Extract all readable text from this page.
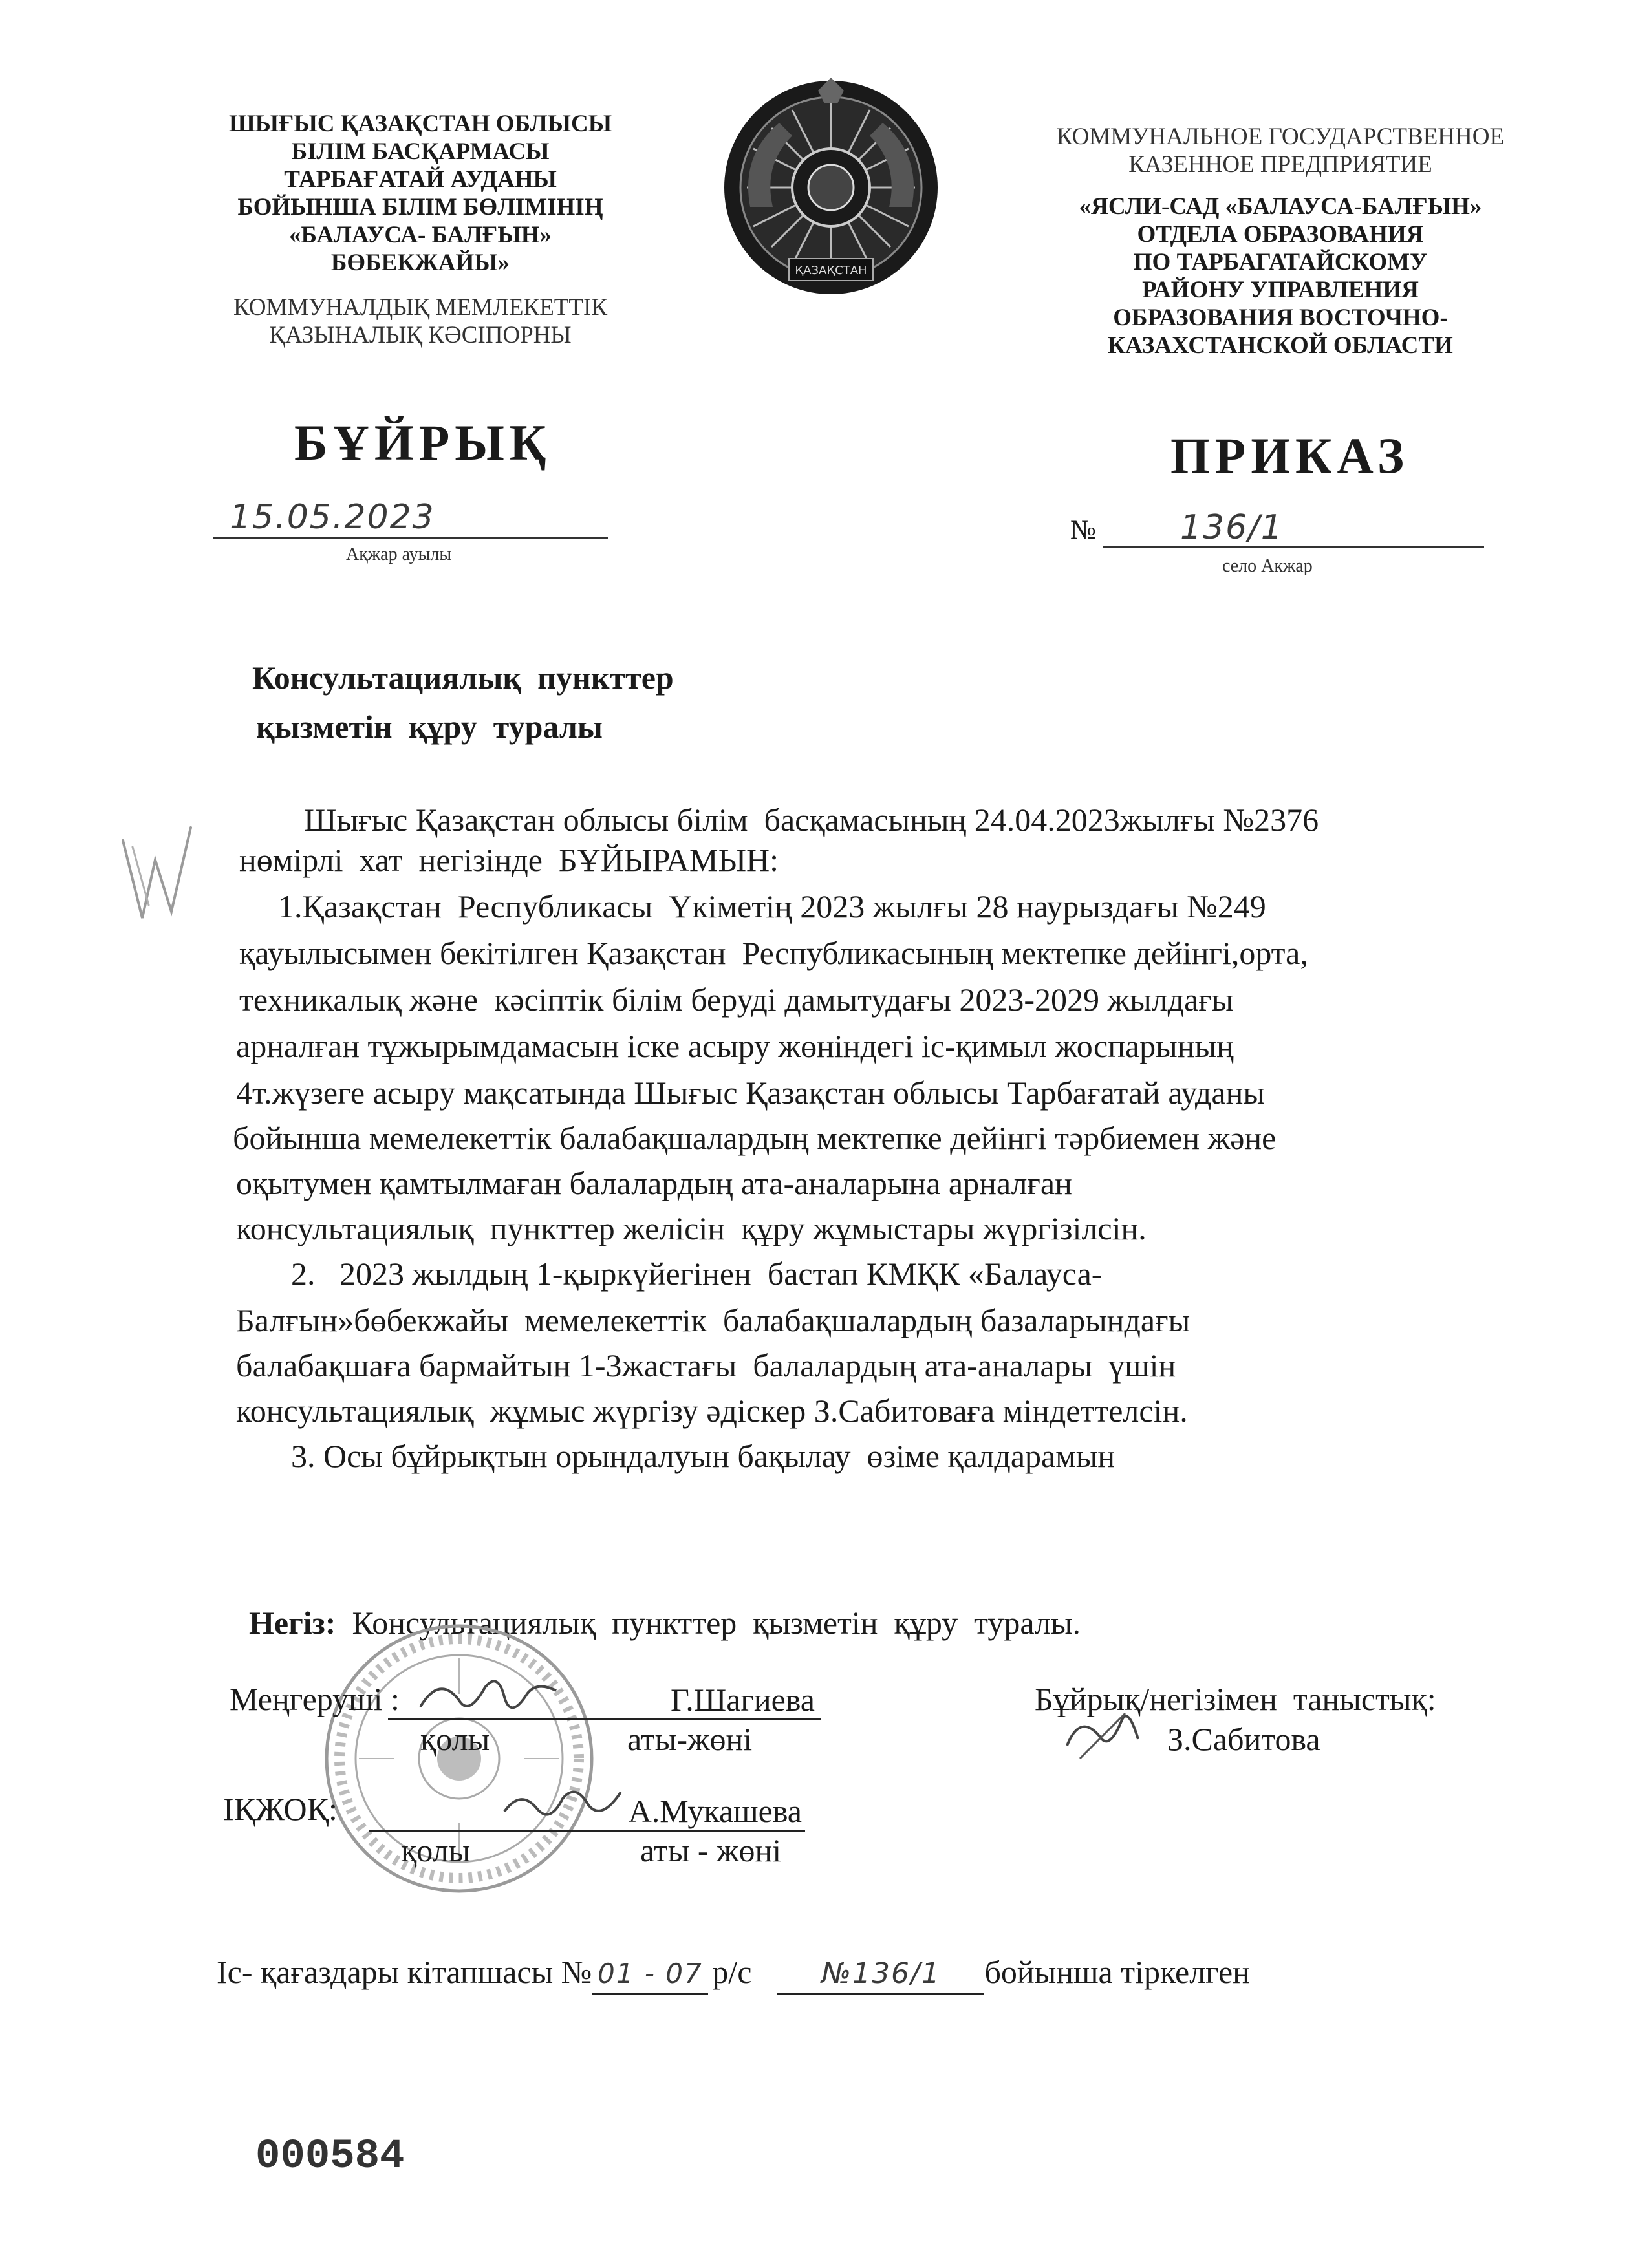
ШЫҒЫС ҚАЗАҚСТАН ОБЛЫСЫ
БІЛІМ БАСҚАРМАСЫ
ТАРБАҒАТАЙ АУДАНЫ
БОЙЫНША БІЛІМ БӨЛІМІНІҢ
«БАЛАУСА- БАЛҒЫН»
БӨБЕКЖАЙЫ»
КОММУНАЛДЫҚ МЕМЛЕКЕТТІК
ҚАЗЫНАЛЫҚ КӘСІПОРНЫ
ҚАЗАҚСТАН
КОММУНАЛЬНОЕ ГОСУДАРСТВЕННОЕ
КАЗЕННОЕ ПРЕДПРИЯТИЕ
«ЯСЛИ-САД «БАЛАУСА-БАЛҒЫН»
ОТДЕЛА ОБРАЗОВАНИЯ
ПО ТАРБАГАТАЙСКОМУ
РАЙОНУ УПРАВЛЕНИЯ
ОБРАЗОВАНИЯ ВОСТОЧНО-
КАЗАХСТАНСКОЙ ОБЛАСТИ
БҰЙРЫҚ	ПРИКАЗ
15.05.2023
Ақжар ауылы
№ 136/1
село Акжар
Консультациялық  пункттер
қызметін  құру  туралы
Шығыс Қазақстан облысы білім  басқамасының 24.04.2023жылғы №2376
нөмірлі  хат  негізінде  БҰЙЫРАМЫН:
1.Қазақстан  Республикасы  Үкіметің 2023 жылғы 28 наурыздағы №249
қауылысымен бекітілген Қазақстан  Республикасының мектепке дейінгі,орта,
техникалық және  кәсіптік білім беруді дамытудағы 2023-2029 жылдағы
арналған тұжырымдамасын іске асыру жөніндегі іс-қимыл жоспарының
4т.жүзеге асыру мақсатында Шығыс Қазақстан облысы Тарбағатай ауданы
бойынша мемелекеттік балабақшалардың мектепке дейінгі тәрбиемен және
оқытумен қамтылмаған балалардың ата-аналарына арналған
консультациялық  пункттер желісін  құру жұмыстары жүргізілсін.
2.   2023 жылдың 1-қыркүйегінен  бастап КМҚК «Балауса-
Балғын»бөбекжайы  мемелекеттік  балабақшалардың базаларындағы
балабақшаға бармайтын 1-3жастағы  балалардың ата-аналары  үшін
консультациялық  жұмыс жүргізу әдіскер З.Сабитоваға міндеттелсін.
3. Осы бұйрықтын орындалуын бақылау  өзіме қалдарамын

Негіз:  Консультациялық  пункттер  қызметін  құру  туралы.

Меңгеруші :	Г.Шагиева
қолы	аты-жөні
Бұйрық/негізімен  таныстық:
З.Сабитова
ІҚЖОҚ:	А.Мукашева
қолы	аты - жөні
Іс- қағаздары кітапшасы № 01 - 07 р/с №136/1 бойынша тіркелген
000584
